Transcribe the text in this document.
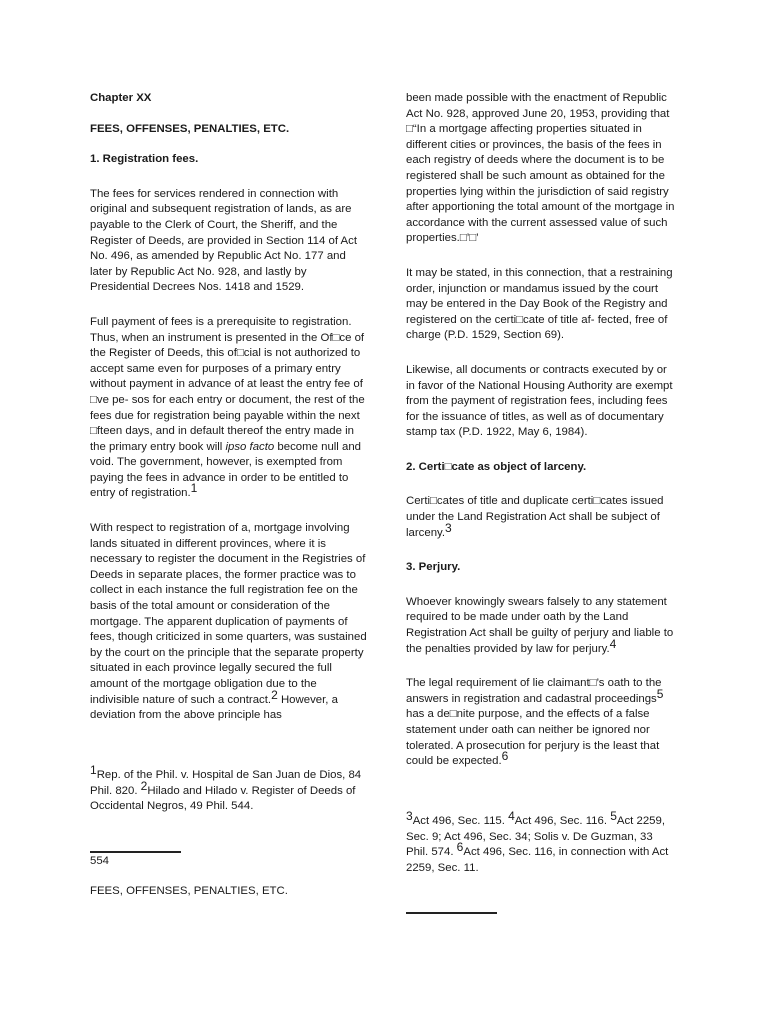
Chapter XX

FEES, OFFENSES, PENALTIES, ETC.

1. Registration fees.

The fees for services rendered in connection with original and subsequent registration of lands, as are payable to the Clerk of Court, the Sheriff, and the Register of Deeds, are provided in Section 114 of Act No. 496, as amended by Republic Act No. 177 and later by Republic Act No. 928, and lastly by Presidential Decrees Nos. 1418 and 1529.

Full payment of fees is a prerequisite to registration. Thus, when an instrument is presented in the Of□ce of the Register of Deeds, this of□cial is not authorized to accept same even for purposes of a primary entry without payment in advance of at least the entry fee of □ve pe- sos for each entry or document, the rest of the fees due for registration being payable within the next □fteen days, and in default thereof the entry made in the primary entry book will ipso facto become null and void. The government, however, is exempted from paying the fees in advance in order to be entitled to entry of registration.$^1$

With respect to registration of a, mortgage involving lands situated in different provinces, where it is necessary to register the document in the Registries of Deeds in separate places, the former practice was to collect in each instance the full registration fee on the basis of the total amount or consideration of the mortgage. The apparent duplication of payments of fees, though criticized in some quarters, was sustained by the court on the principle that the separate property situated in each province legally secured the full amount of the mortgage obligation due to the indivisible nature of such a contract.$^2$ However, a deviation from the above principle has

$^1$Rep. of the Phil. v. Hospital de San Juan de Dios, 84 Phil. 820. $^2$Hilado and Hilado v. Register of Deeds of Occidental Negros, 49 Phil. 544.

554
FEES, OFFENSES, PENALTIES, ETC.

been made possible with the enactment of Republic Act No. 928, approved June 20, 1953, providing that □“In a mortgage affecting properties situated in different cities or provinces, the basis of the fees in each registry of deeds where the document is to be registered shall be such amount as obtained for the properties lying within the jurisdiction of said registry after apportioning the total amount of the mortgage in accordance with the current assessed value of such properties.□’□’

It may be stated, in this connection, that a restraining order, injunction or mandamus issued by the court may be entered in the Day Book of the Registry and registered on the certi□cate of title af- fected, free of charge (P.D. 1529, Section 69).

Likewise, all documents or contracts executed by or in favor of the National Housing Authority are exempt from the payment of registration fees, including fees for the issuance of titles, as well as of documentary stamp tax (P.D. 1922, May 6, 1984).

2. Certi□cate as object of larceny.

Certi□cates of title and duplicate certi□cates issued under the Land Registration Act shall be subject of larceny.$^3$

3. Perjury.

Whoever knowingly swears falsely to any statement required to be made under oath by the Land Registration Act shall be guilty of perjury and liable to the penalties provided by law for perjury.$^4$

The legal requirement of lie claimant□’s oath to the answers in registration and cadastral proceedings$^5$ has a de□nite purpose, and the effects of a false statement under oath can neither be ignored nor tolerated. A prosecution for perjury is the least that could be expected.$^6$

$^3$Act 496, Sec. 115. $^4$Act 496, Sec. 116. $^5$Act 2259, Sec. 9; Act 496, Sec. 34; Solis v. De Guzman, 33 Phil. 574. $^6$Act 496, Sec. 116, in connection with Act 2259, Sec. 11.
